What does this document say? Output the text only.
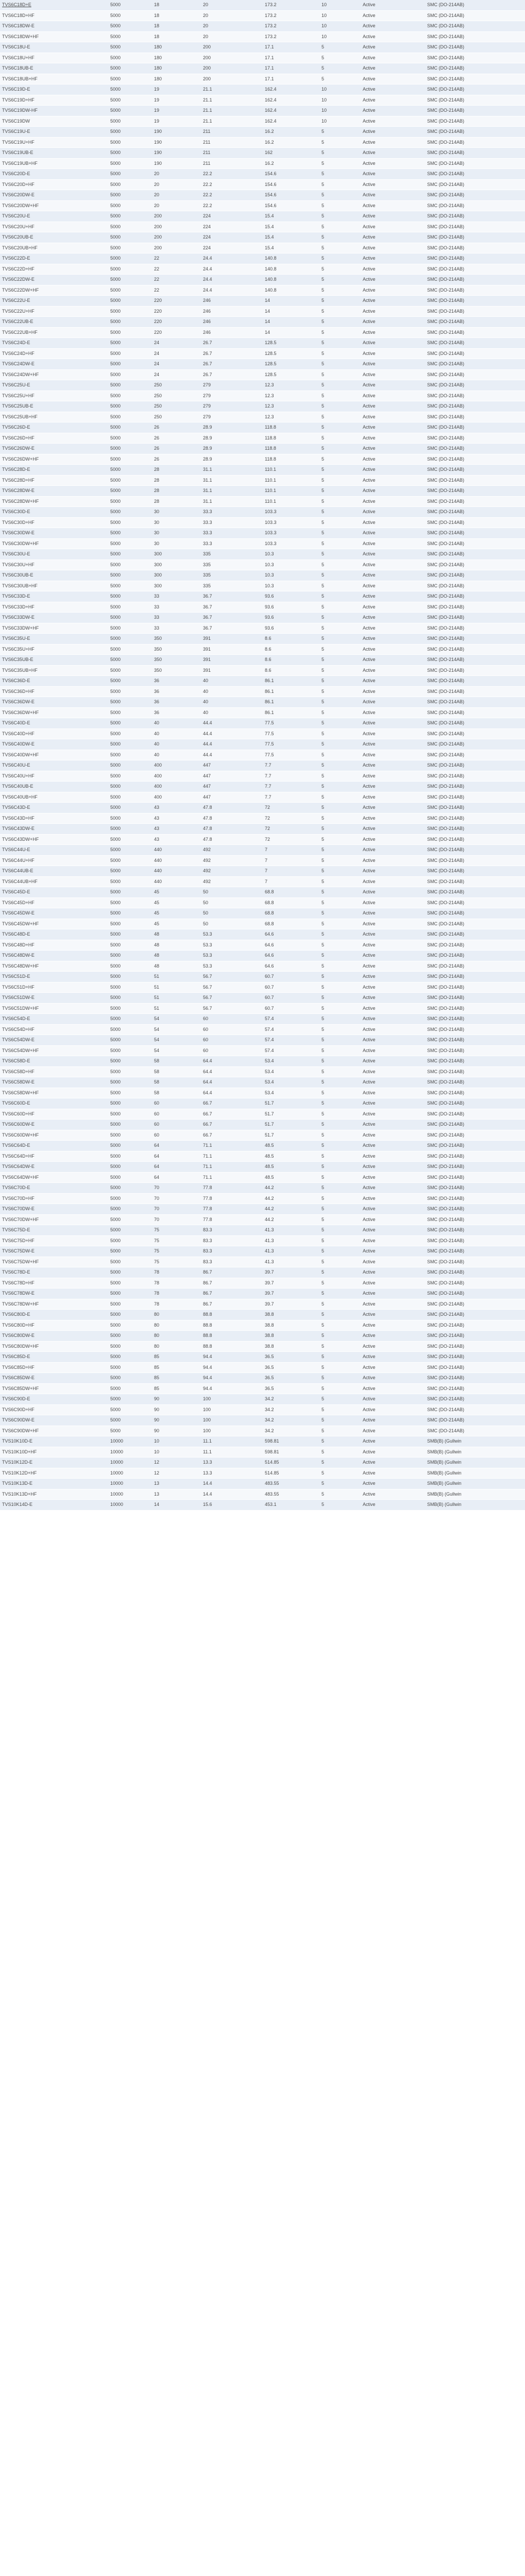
TVS6C18D+E	5000	18	20	173.2	10	Active	SMC (DO-214AB)
TVS6C18D+HF	5000	18	20	173.2	10	Active	SMC (DO-214AB)
TVS6C18DW-E	5000	18	20	173.2	10	Active	SMC (DO-214AB)
TVS6C18DW+HF	5000	18	20	173.2	10	Active	SMC (DO-214AB)
TVS6C18U-E	5000	180	200	17.1	5	Active	SMC (DO-214AB)
TVS6C18U+HF	5000	180	200	17.1	5	Active	SMC (DO-214AB)
TVS6C18UB-E	5000	180	200	17.1	5	Active	SMC (DO-214AB)
TVS6C18UB+HF	5000	180	200	17.1	5	Active	SMC (DO-214AB)
TVS6C19D-E	5000	19	21.1	162.4	10	Active	SMC (DO-214AB)
TVS6C19D+HF	5000	19	21.1	162.4	10	Active	SMC (DO-214AB)
TVS6C19DW-HF	5000	19	21.1	162.4	10	Active	SMC (DO-214AB)
TVS6C19DW	5000	19	21.1	162.4	10	Active	SMC (DO-214AB)
TVS6C19U-E	5000	190	211	16.2	5	Active	SMC (DO-214AB)
TVS6C19U+HF	5000	190	211	16.2	5	Active	SMC (DO-214AB)
TVS6C19UB-E	5000	190	211	162	5	Active	SMC (DO-214AB)
TVS6C19UB+HF	5000	190	211	16.2	5	Active	SMC (DO-214AB)
TVS6C20D-E	5000	20	22.2	154.6	5	Active	SMC (DO-214AB)
TVS6C20D+HF	5000	20	22.2	154.6	5	Active	SMC (DO-214AB)
TVS6C20DW-E	5000	20	22.2	154.6	5	Active	SMC (DO-214AB)
TVS6C20DW+HF	5000	20	22.2	154.6	5	Active	SMC (DO-214AB)
TVS6C20U-E	5000	200	224	15.4	5	Active	SMC (DO-214AB)
TVS6C20U+HF	5000	200	224	15.4	5	Active	SMC (DO-214AB)
TVS6C20UB-E	5000	200	224	15.4	5	Active	SMC (DO-214AB)
TVS6C20UB+HF	5000	200	224	15.4	5	Active	SMC (DO-214AB)
TVS6C22D-E	5000	22	24.4	140.8	5	Active	SMC (DO-214AB)
TVS6C22D+HF	5000	22	24.4	140.8	5	Active	SMC (DO-214AB)
TVS6C22DW-E	5000	22	24.4	140.8	5	Active	SMC (DO-214AB)
TVS6C22DW+HF	5000	22	24.4	140.8	5	Active	SMC (DO-214AB)
TVS6C22U-E	5000	220	246	14	5	Active	SMC (DO-214AB)
TVS6C22U+HF	5000	220	246	14	5	Active	SMC (DO-214AB)
TVS6C22UB-E	5000	220	246	14	5	Active	SMC (DO-214AB)
TVS6C22UB+HF	5000	220	246	14	5	Active	SMC (DO-214AB)
TVS6C24D-E	5000	24	26.7	128.5	5	Active	SMC (DO-214AB)
TVS6C24D+HF	5000	24	26.7	128.5	5	Active	SMC (DO-214AB)
TVS6C24DW-E	5000	24	26.7	128.5	5	Active	SMC (DO-214AB)
TVS6C24DW+HF	5000	24	26.7	128.5	5	Active	SMC (DO-214AB)
TVS6C25U-E	5000	250	279	12.3	5	Active	SMC (DO-214AB)
TVS6C25U+HF	5000	250	279	12.3	5	Active	SMC (DO-214AB)
TVS6C25UB-E	5000	250	279	12.3	5	Active	SMC (DO-214AB)
TVS6C25UB+HF	5000	250	279	12.3	5	Active	SMC (DO-214AB)
TVS6C26D-E	5000	26	28.9	118.8	5	Active	SMC (DO-214AB)
TVS6C26D+HF	5000	26	28.9	118.8	5	Active	SMC (DO-214AB)
TVS6C26DW-E	5000	26	28.9	118.8	5	Active	SMC (DO-214AB)
TVS6C26DW+HF	5000	26	28.9	118.8	5	Active	SMC (DO-214AB)
TVS6C28D-E	5000	28	31.1	110.1	5	Active	SMC (DO-214AB)
TVS6C28D+HF	5000	28	31.1	110.1	5	Active	SMC (DO-214AB)
TVS6C28DW-E	5000	28	31.1	110.1	5	Active	SMC (DO-214AB)
TVS6C28DW+HF	5000	28	31.1	110.1	5	Active	SMC (DO-214AB)
TVS6C30D-E	5000	30	33.3	103.3	5	Active	SMC (DO-214AB)
TVS6C30D+HF	5000	30	33.3	103.3	5	Active	SMC (DO-214AB)
TVS6C30DW-E	5000	30	33.3	103.3	5	Active	SMC (DO-214AB)
TVS6C30DW+HF	5000	30	33.3	103.3	5	Active	SMC (DO-214AB)
TVS6C30U-E	5000	300	335	10.3	5	Active	SMC (DO-214AB)
TVS6C30U+HF	5000	300	335	10.3	5	Active	SMC (DO-214AB)
TVS6C30UB-E	5000	300	335	10.3	5	Active	SMC (DO-214AB)
TVS6C30UB+HF	5000	300	335	10.3	5	Active	SMC (DO-214AB)
TVS6C33D-E	5000	33	36.7	93.6	5	Active	SMC (DO-214AB)
TVS6C33D+HF	5000	33	36.7	93.6	5	Active	SMC (DO-214AB)
TVS6C33DW-E	5000	33	36.7	93.6	5	Active	SMC (DO-214AB)
TVS6C33DW+HF	5000	33	36.7	93.6	5	Active	SMC (DO-214AB)
TVS6C35U-E	5000	350	391	8.6	5	Active	SMC (DO-214AB)
TVS6C35U+HF	5000	350	391	8.6	5	Active	SMC (DO-214AB)
TVS6C35UB-E	5000	350	391	8.6	5	Active	SMC (DO-214AB)
TVS6C35UB+HF	5000	350	391	8.6	5	Active	SMC (DO-214AB)
TVS6C36D-E	5000	36	40	86.1	5	Active	SMC (DO-214AB)
TVS6C36D+HF	5000	36	40	86.1	5	Active	SMC (DO-214AB)
TVS6C36DW-E	5000	36	40	86.1	5	Active	SMC (DO-214AB)
TVS6C36DW+HF	5000	36	40	86.1	5	Active	SMC (DO-214AB)
TVS6C40D-E	5000	40	44.4	77.5	5	Active	SMC (DO-214AB)
TVS6C40D+HF	5000	40	44.4	77.5	5	Active	SMC (DO-214AB)
TVS6C40DW-E	5000	40	44.4	77.5	5	Active	SMC (DO-214AB)
TVS6C40DW+HF	5000	40	44.4	77.5	5	Active	SMC (DO-214AB)
TVS6C40U-E	5000	400	447	7.7	5	Active	SMC (DO-214AB)
TVS6C40U+HF	5000	400	447	7.7	5	Active	SMC (DO-214AB)
TVS6C40UB-E	5000	400	447	7.7	5	Active	SMC (DO-214AB)
TVS6C40UB+HF	5000	400	447	7.7	5	Active	SMC (DO-214AB)
TVS6C43D-E	5000	43	47.8	72	5	Active	SMC (DO-214AB)
TVS6C43D+HF	5000	43	47.8	72	5	Active	SMC (DO-214AB)
TVS6C43DW-E	5000	43	47.8	72	5	Active	SMC (DO-214AB)
TVS6C43DW+HF	5000	43	47.8	72	5	Active	SMC (DO-214AB)
TVS6C44U-E	5000	440	492	7	5	Active	SMC (DO-214AB)
TVS6C44U+HF	5000	440	492	7	5	Active	SMC (DO-214AB)
TVS6C44UB-E	5000	440	492	7	5	Active	SMC (DO-214AB)
TVS6C44UB+HF	5000	440	492	7	5	Active	SMC (DO-214AB)
TVS6C45D-E	5000	45	50	68.8	5	Active	SMC (DO-214AB)
TVS6C45D+HF	5000	45	50	68.8	5	Active	SMC (DO-214AB)
TVS6C45DW-E	5000	45	50	68.8	5	Active	SMC (DO-214AB)
TVS6C45DW+HF	5000	45	50	68.8	5	Active	SMC (DO-214AB)
TVS6C48D-E	5000	48	53.3	64.6	5	Active	SMC (DO-214AB)
TVS6C48D+HF	5000	48	53.3	64.6	5	Active	SMC (DO-214AB)
TVS6C48DW-E	5000	48	53.3	64.6	5	Active	SMC (DO-214AB)
TVS6C48DW+HF	5000	48	53.3	64.6	5	Active	SMC (DO-214AB)
TVS6C51D-E	5000	51	56.7	60.7	5	Active	SMC (DO-214AB)
TVS6C51D+HF	5000	51	56.7	60.7	5	Active	SMC (DO-214AB)
TVS6C51DW-E	5000	51	56.7	60.7	5	Active	SMC (DO-214AB)
TVS6C51DW+HF	5000	51	56.7	60.7	5	Active	SMC (DO-214AB)
TVS6C54D-E	5000	54	60	57.4	5	Active	SMC (DO-214AB)
TVS6C54D+HF	5000	54	60	57.4	5	Active	SMC (DO-214AB)
TVS6C54DW-E	5000	54	60	57.4	5	Active	SMC (DO-214AB)
TVS6C54DW+HF	5000	54	60	57.4	5	Active	SMC (DO-214AB)
TVS6C58D-E	5000	58	64.4	53.4	5	Active	SMC (DO-214AB)
TVS6C58D+HF	5000	58	64.4	53.4	5	Active	SMC (DO-214AB)
TVS6C58DW-E	5000	58	64.4	53.4	5	Active	SMC (DO-214AB)
TVS6C58DW+HF	5000	58	64.4	53.4	5	Active	SMC (DO-214AB)
TVS6C60D-E	5000	60	66.7	51.7	5	Active	SMC (DO-214AB)
TVS6C60D+HF	5000	60	66.7	51.7	5	Active	SMC (DO-214AB)
TVS6C60DW-E	5000	60	66.7	51.7	5	Active	SMC (DO-214AB)
TVS6C60DW+HF	5000	60	66.7	51.7	5	Active	SMC (DO-214AB)
TVS6C64D-E	5000	64	71.1	48.5	5	Active	SMC (DO-214AB)
TVS6C64D+HF	5000	64	71.1	48.5	5	Active	SMC (DO-214AB)
TVS6C64DW-E	5000	64	71.1	48.5	5	Active	SMC (DO-214AB)
TVS6C64DW+HF	5000	64	71.1	48.5	5	Active	SMC (DO-214AB)
TVS6C70D-E	5000	70	77.8	44.2	5	Active	SMC (DO-214AB)
TVS6C70D+HF	5000	70	77.8	44.2	5	Active	SMC (DO-214AB)
TVS6C70DW-E	5000	70	77.8	44.2	5	Active	SMC (DO-214AB)
TVS6C70DW+HF	5000	70	77.8	44.2	5	Active	SMC (DO-214AB)
TVS6C75D-E	5000	75	83.3	41.3	5	Active	SMC (DO-214AB)
TVS6C75D+HF	5000	75	83.3	41.3	5	Active	SMC (DO-214AB)
TVS6C75DW-E	5000	75	83.3	41.3	5	Active	SMC (DO-214AB)
TVS6C75DW+HF	5000	75	83.3	41.3	5	Active	SMC (DO-214AB)
TVS6C78D-E	5000	78	86.7	39.7	5	Active	SMC (DO-214AB)
TVS6C78D+HF	5000	78	86.7	39.7	5	Active	SMC (DO-214AB)
TVS6C78DW-E	5000	78	86.7	39.7	5	Active	SMC (DO-214AB)
TVS6C78DW+HF	5000	78	86.7	39.7	5	Active	SMC (DO-214AB)
TVS6C80D-E	5000	80	88.8	38.8	5	Active	SMC (DO-214AB)
TVS6C80D+HF	5000	80	88.8	38.8	5	Active	SMC (DO-214AB)
TVS6C80DW-E	5000	80	88.8	38.8	5	Active	SMC (DO-214AB)
TVS6C80DW+HF	5000	80	88.8	38.8	5	Active	SMC (DO-214AB)
TVS6C85D-E	5000	85	94.4	36.5	5	Active	SMC (DO-214AB)
TVS6C85D+HF	5000	85	94.4	36.5	5	Active	SMC (DO-214AB)
TVS6C85DW-E	5000	85	94.4	36.5	5	Active	SMC (DO-214AB)
TVS6C85DW+HF	5000	85	94.4	36.5	5	Active	SMC (DO-214AB)
TVS6C90D-E	5000	90	100	34.2	5	Active	SMC (DO-214AB)
TVS6C90D+HF	5000	90	100	34.2	5	Active	SMC (DO-214AB)
TVS6C90DW-E	5000	90	100	34.2	5	Active	SMC (DO-214AB)
TVS6C90DW+HF	5000	90	100	34.2	5	Active	SMC (DO-214AB)
TVS10K10D-E	10000	10	11.1	598.81	5	Active	SMB(B) (Gullwin
TVS10K10D+HF	10000	10	11.1	598.81	5	Active	SMB(B) (Gullwin
TVS10K12D-E	10000	12	13.3	514.85	5	Active	SMB(B) (Gullwin
TVS10K12D+HF	10000	12	13.3	514.85	5	Active	SMB(B) (Gullwin
TVS10K13D-E	10000	13	14.4	483.55	5	Active	SMB(B) (Gullwin
TVS10K13D+HF	10000	13	14.4	483.55	5	Active	SMB(B) (Gullwin
TVS10K14D-E	10000	14	15.6	453.1	5	Active	SMB(B) (Gullwin
